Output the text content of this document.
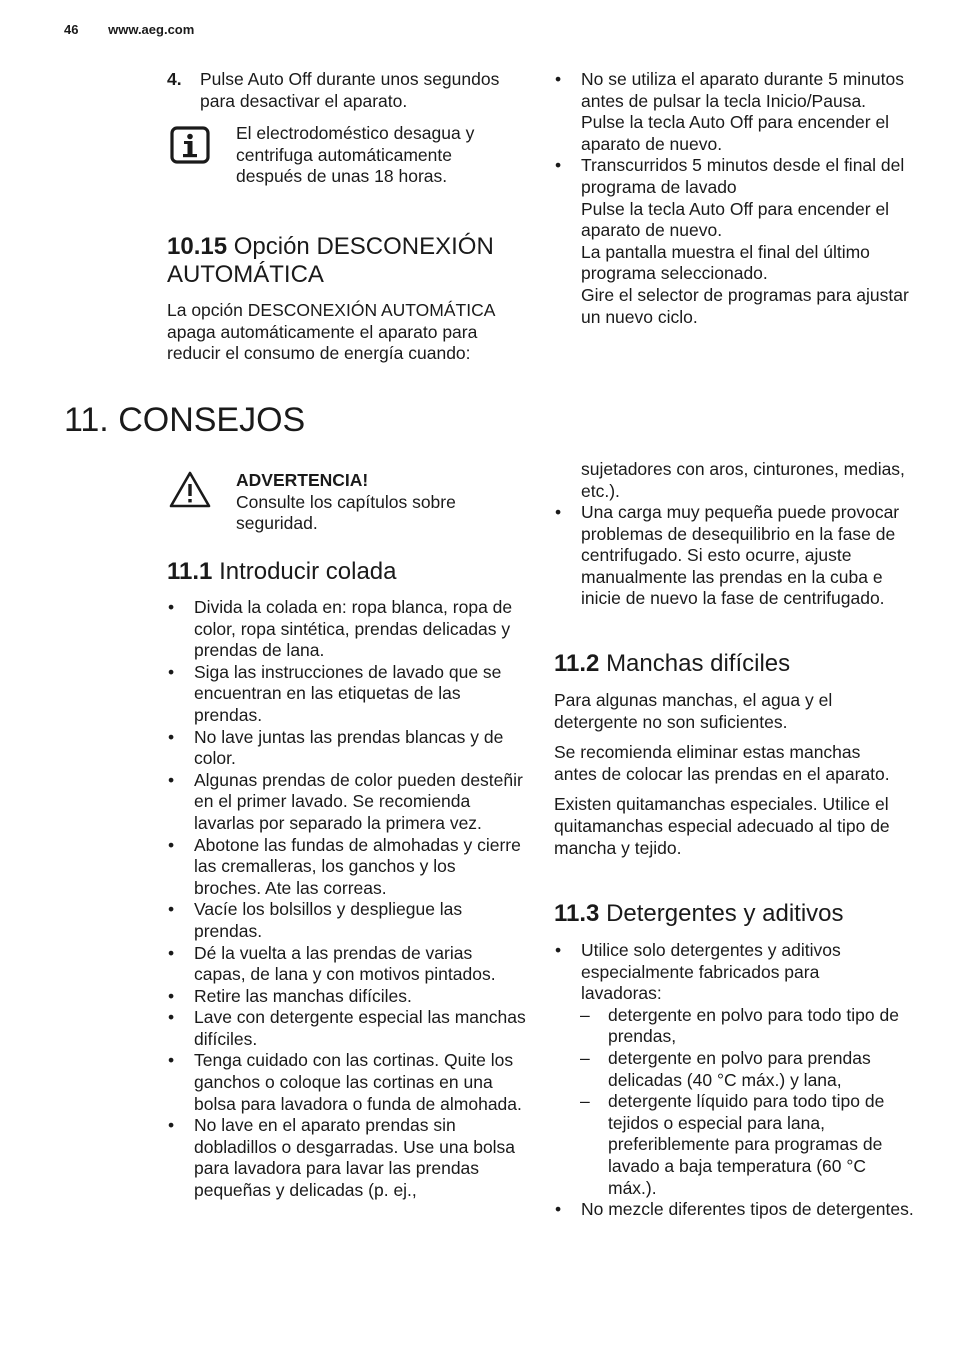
46 www.aeg.com
4.	Pulse Auto Off durante unos segundos para desactivar el aparato.
El electrodoméstico desagua y centrifuga automáticamente después de unas 18 horas.
10.15 Opción DESCONEXIÓN AUTOMÁTICA
La opción DESCONEXIÓN AUTOMÁTICA apaga automáticamente el aparato para reducir el consumo de energía cuando:
• No se utiliza el aparato durante 5 minutos antes de pulsar la tecla Inicio/Pausa.
Pulse la tecla Auto Off para encender el aparato de nuevo.
• Transcurridos 5 minutos desde el final del programa de lavado
Pulse la tecla Auto Off para encender el aparato de nuevo.
La pantalla muestra el final del último programa seleccionado.
Gire el selector de programas para ajustar un nuevo ciclo.
11. CONSEJOS
ADVERTENCIA!
Consulte los capítulos sobre seguridad.
11.1 Introducir colada
• Divida la colada en: ropa blanca, ropa de color, ropa sintética, prendas delicadas y prendas de lana.
• Siga las instrucciones de lavado que se encuentran en las etiquetas de las prendas.
• No lave juntas las prendas blancas y de color.
• Algunas prendas de color pueden desteñir en el primer lavado. Se recomienda lavarlas por separado la primera vez.
• Abotone las fundas de almohadas y cierre las cremalleras, los ganchos y los broches. Ate las correas.
• Vacíe los bolsillos y despliegue las prendas.
• Dé la vuelta a las prendas de varias capas, de lana y con motivos pintados.
• Retire las manchas difíciles.
• Lave con detergente especial las manchas difíciles.
• Tenga cuidado con las cortinas. Quite los ganchos o coloque las cortinas en una bolsa para lavadora o funda de almohada.
• No lave en el aparato prendas sin dobladillos o desgarradas. Use una bolsa para lavadora para lavar las prendas pequeñas y delicadas (p. ej.,
sujetadores con aros, cinturones, medias, etc.).
• Una carga muy pequeña puede provocar problemas de desequilibrio en la fase de centrifugado. Si esto ocurre, ajuste manualmente las prendas en la cuba e inicie de nuevo la fase de centrifugado.
11.2 Manchas difíciles

Para algunas manchas, el agua y el detergente no son suficientes.

Se recomienda eliminar estas manchas antes de colocar las prendas en el aparato.

Existen quitamanchas especiales. Utilice el quitamanchas especial adecuado al tipo de mancha y tejido.

11.3 Detergentes y aditivos
• Utilice solo detergentes y aditivos especialmente fabricados para lavadoras:
– detergente en polvo para todo tipo de prendas,
– detergente en polvo para prendas delicadas (40 °C máx.) y lana,
– detergente líquido para todo tipo de tejidos o especial para lana, preferiblemente para programas de lavado a baja temperatura (60 °C máx.).
• No mezcle diferentes tipos de detergentes.
